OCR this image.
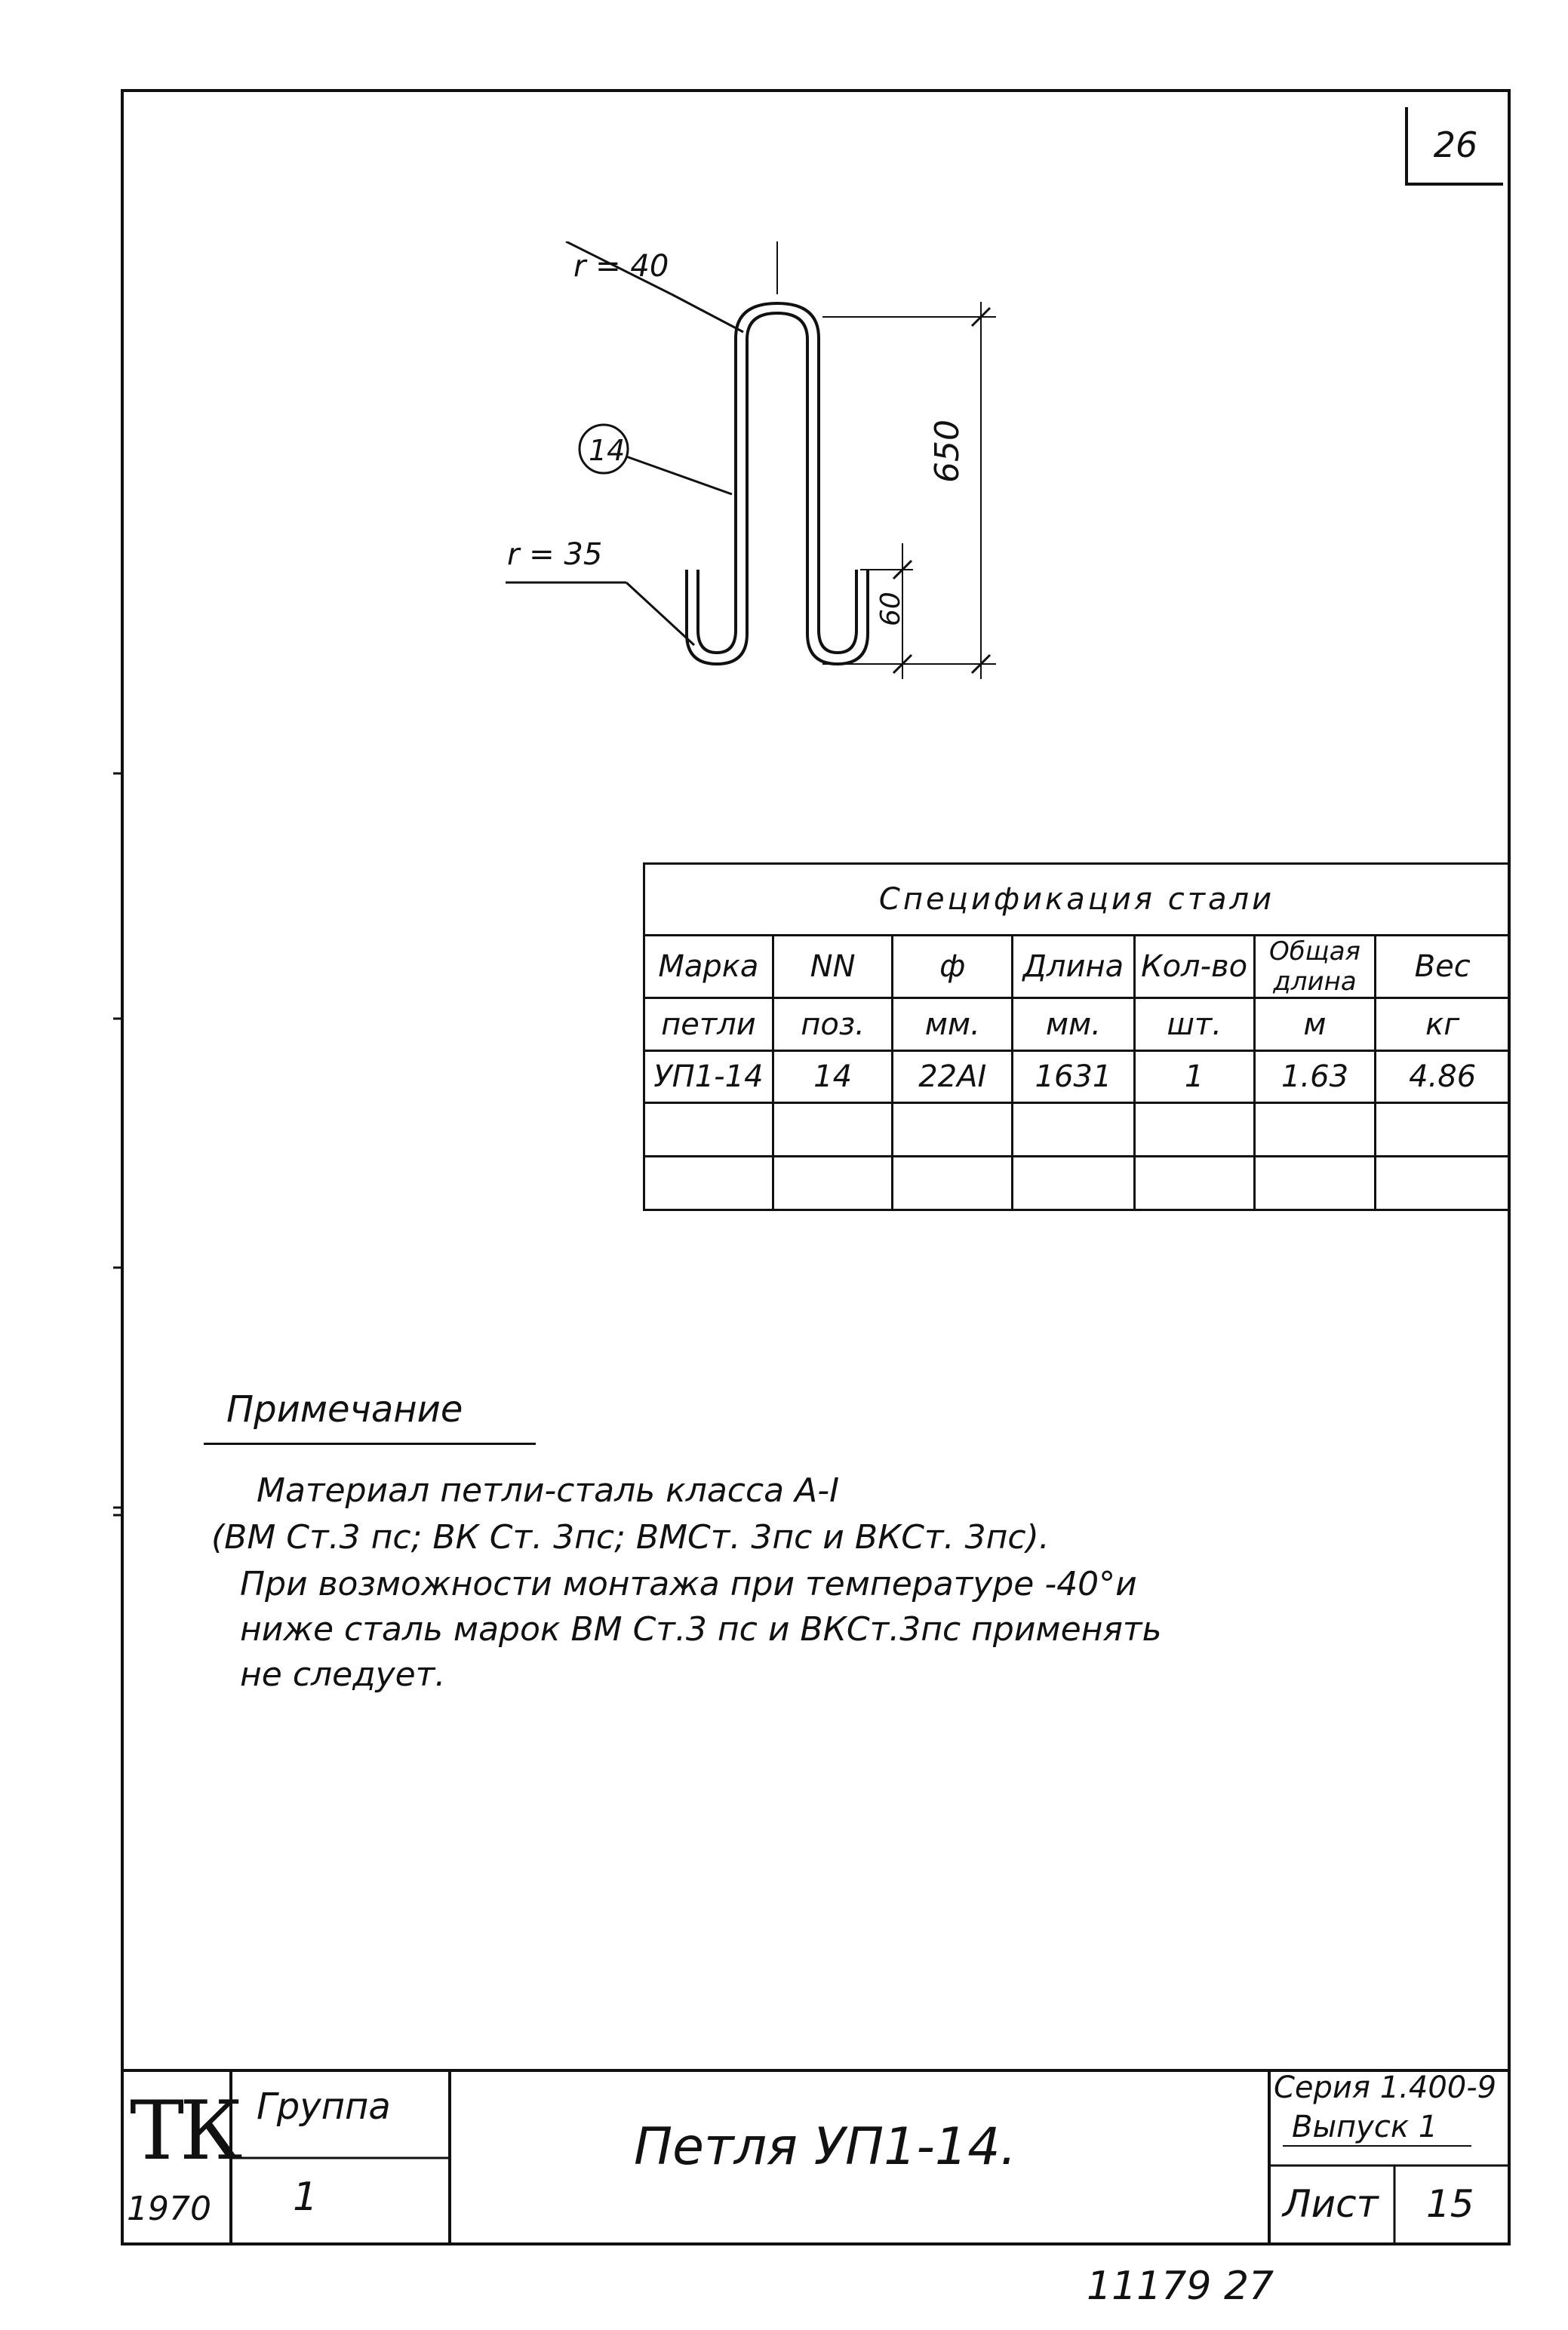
26
r = 40
r = 35
14	650
60
Спецификация стали						
Марка	NN	ф	Длина	Кол-во	Общая длина	Вес
петли	поз.	мм.	мм.	шт.	м	кг
УП1-14	14	22AI	1631	1	1.63	4.86

Примечание
Материал петли-сталь класса А-I
(ВМ Ст.3 пс; ВК Ст. 3пс; ВМСт. 3пс и ВКСт. 3пс).
При возможности монтажа при температуре -40°и
ниже сталь марок ВМ Ст.3 пс и ВКСт.3пс применять
не следует.
ТК
1970
Группа
1
Петля УП1-14.
Серия 1.400-9
Выпуск 1
Лист 15
11179 27
